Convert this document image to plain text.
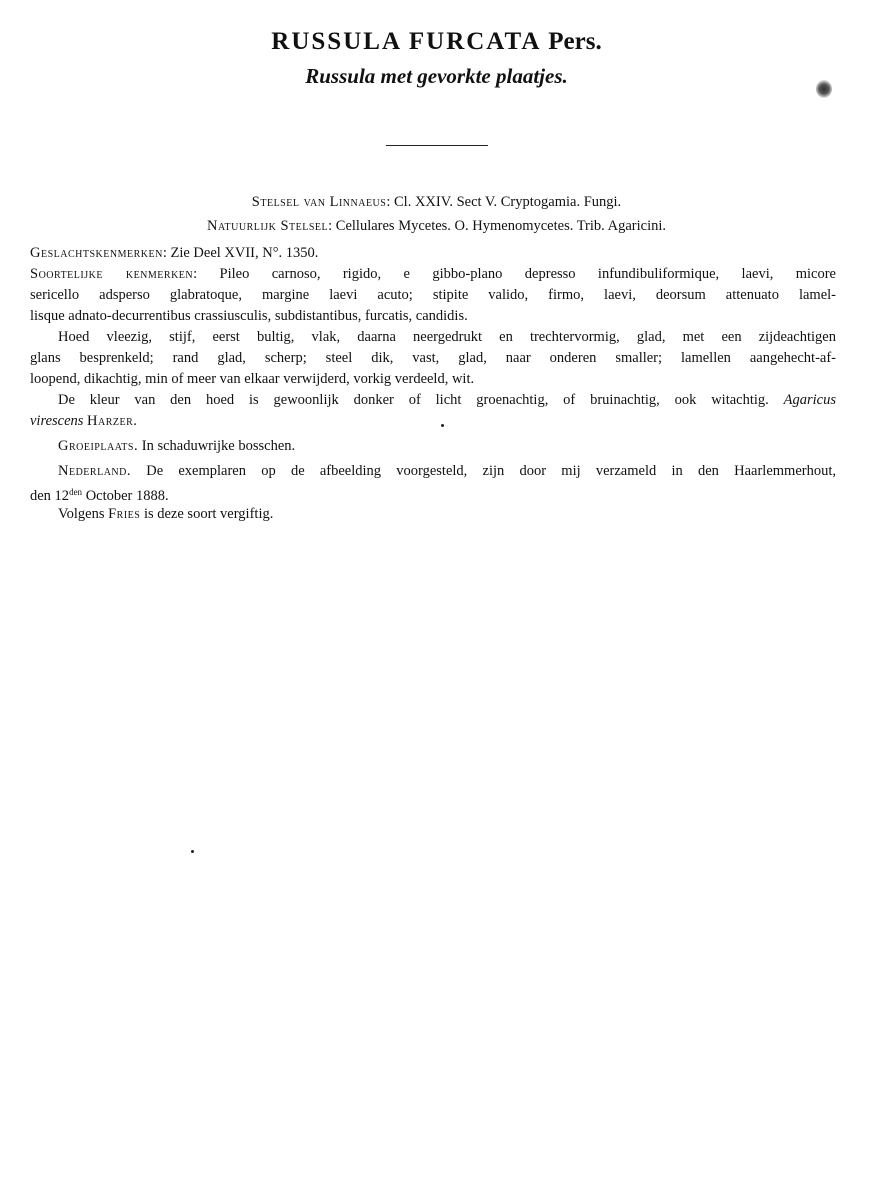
RUSSULA FURCATA Pers.
Russula met gevorkte plaatjes.
Stelsel van Linnaeus: Cl. XXIV. Sect V. Cryptogamia. Fungi.
Natuurlijk Stelsel: Cellulares Mycetes. O. Hymenomycetes. Trib. Agaricini.
Geslachtskenmerken: Zie Deel XVII, N°. 1350.
Soortelijke kenmerken: Pileo carnoso, rigido, e gibbo-plano depresso infundibuliformique, laevi, micore
sericello adsperso glabratoque, margine laevi acuto; stipite valido, firmo, laevi, deorsum attenuato lamel-
lisque adnato-decurrentibus crassiusculis, subdistantibus, furcatis, candidis.
Hoed vleezig, stijf, eerst bultig, vlak, daarna neergedrukt en trechtervormig, glad, met een zijdeachtigen
glans besprenkeld; rand glad, scherp; steel dik, vast, glad, naar onderen smaller; lamellen aangehecht-af-
loopend, dikachtig, min of meer van elkaar verwijderd, vorkig verdeeld, wit.
De kleur van den hoed is gewoonlijk donker of licht groenachtig, of bruinachtig, ook witachtig. Agaricus
virescens Harzer.
Groeiplaats. In schaduwrijke bosschen.
Nederland. De exemplaren op de afbeelding voorgesteld, zijn door mij verzameld in den Haarlemmerhout,
den $12^{den}$ October 1888.
Volgens Fries is deze soort vergiftig.
